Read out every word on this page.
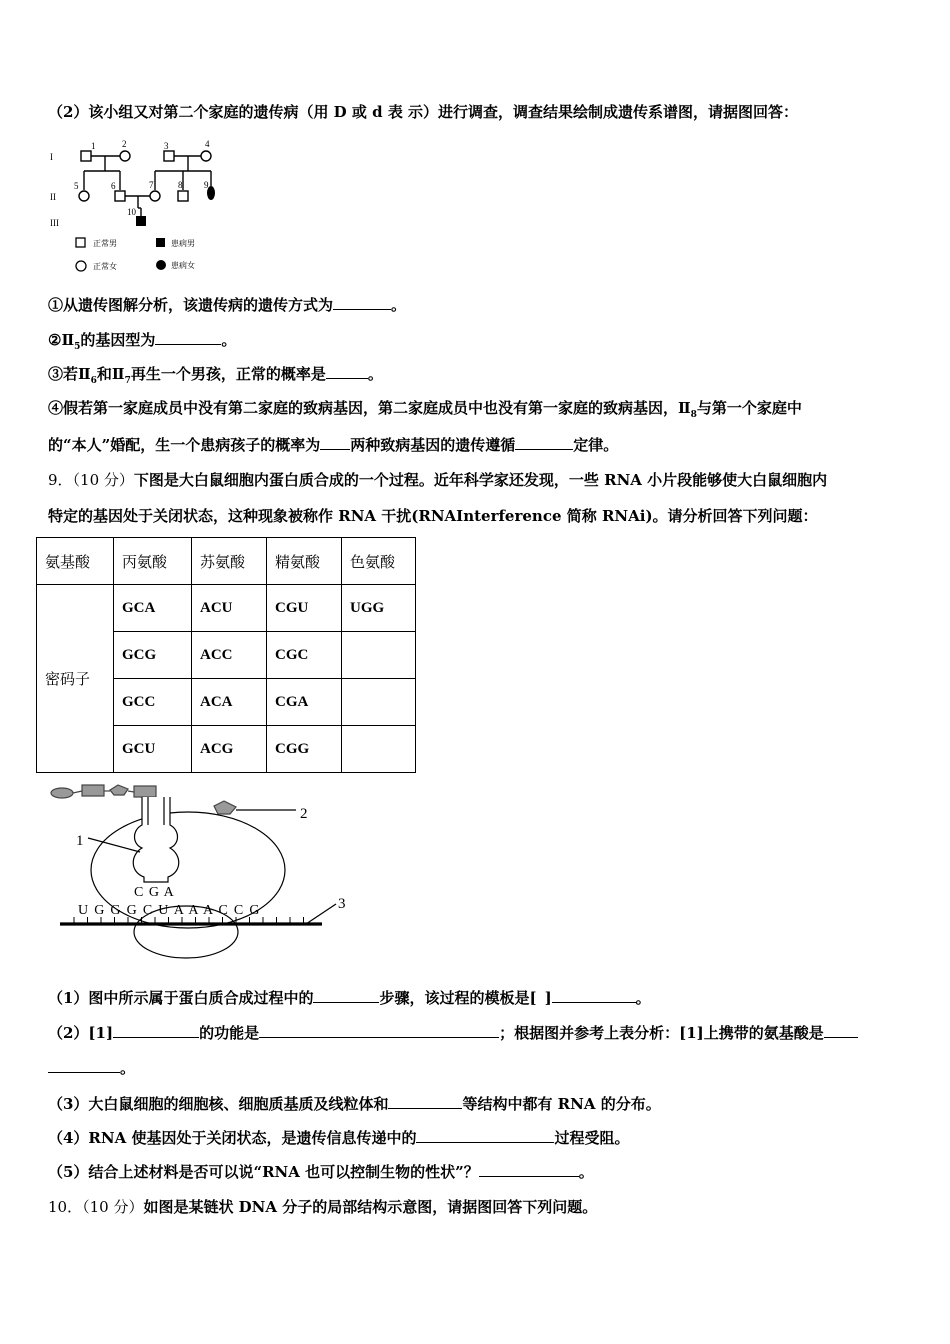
（2）该小组又对第二个家庭的遗传病（用 D 或 d 表 示）进行调查，调查结果绘制成遗传系谱图，请据图回答：
I
II
III
1	2	3	4
5	6	7	8 9
10
正常男	患病男
正常女	患病女
①从遗传图解分析，该遗传病的遗传方式为	。
$②Ⅱ_5$的基因型为	。
③若$Ⅱ_6$和$Ⅱ_7$再生一个男孩，正常的概率是	。
④假若第一家庭成员中没有第二家庭的致病基因，第二家庭成员中也没有第一家庭的致病基因，$Ⅱ_8$与第一个家庭中
的“本人”婚配，生一个患病孩子的概率为 两种致病基因的遗传遵循	定律。
9．（10 分）下图是大白鼠细胞内蛋白质合成的一个过程。近年科学家还发现，一些 RNA 小片段能够使大白鼠细胞内
特定的基因处于关闭状态，这种现象被称作 RNA 干扰(RNAInterference 简称 RNAi)。请分析回答下列问题：
氨基酸	丙氨酸	苏氨酸	精氨酸	色氨酸
密码子	GCA	ACU	CGU	UGG
	GCG	ACC	CGC	
	GCC	ACA	CGA	
	GCU	ACG	CGG	
1
2
3
C G A
U G G G C U A A A C C G
（1）图中所示属于蛋白质合成过程中的	步骤，该过程的模板是[ ]	。
（2）[1]	的功能是	；根据图并参考上表分析：[1]上携带的氨基酸是
。
（3）大白鼠细胞的细胞核、细胞质基质及线粒体和	等结构中都有 RNA 的分布。
（4）RNA 使基因处于关闭状态，是遗传信息传递中的	过程受阻。
（5）结合上述材料是否可以说“RNA 也可以控制生物的性状”？	。
10．（10 分）如图是某链状 DNA 分子的局部结构示意图，请据图回答下列问题。
